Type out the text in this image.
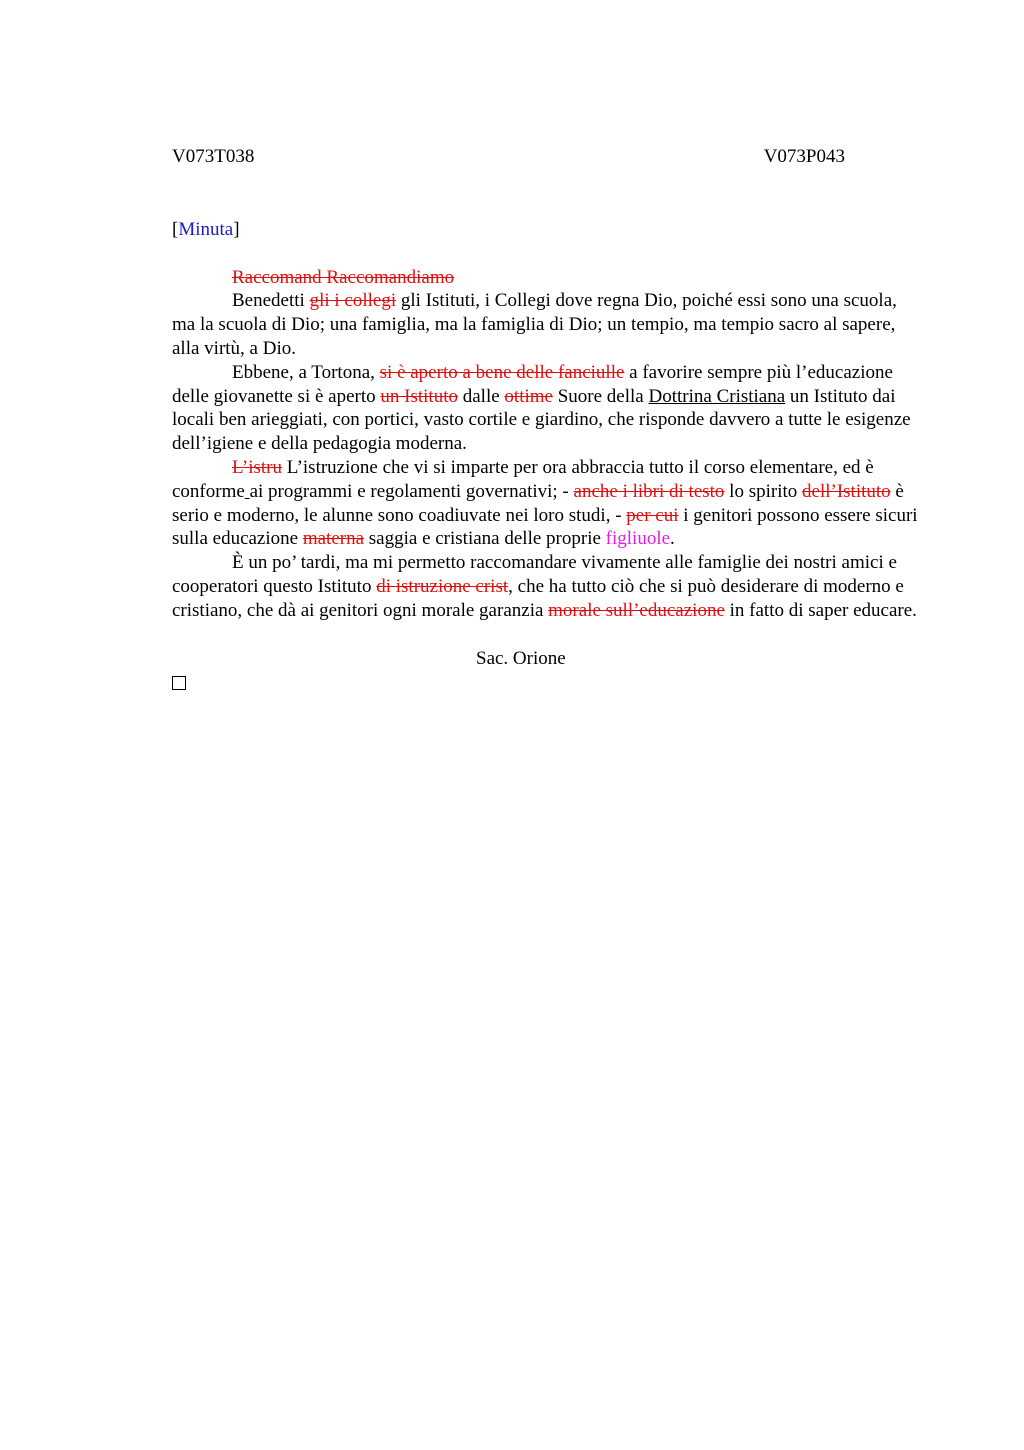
V073T038	V073P043
[Minuta]

Raccomand Raccomandiamo

Benedetti gli i collegi gli Istituti, i Collegi dove regna Dio, poiché essi sono una scuola, ma la scuola di Dio; una famiglia, ma la famiglia di Dio; un tempio, ma tempio sacro al sapere, alla virtù, a Dio.

Ebbene, a Tortona, si è aperto a bene delle fanciulle a favorire sempre più l’educazione delle giovanette si è aperto un Istituto dalle ottime Suore della Dottrina Cristiana un Istituto dai locali ben arieggiati, con portici, vasto cortile e giardino, che risponde davvero a tutte le esigenze dell’igiene e della pedagogia moderna.

L’istru L’istruzione che vi si imparte per ora abbraccia tutto il corso elementare, ed è conforme ai programmi e regolamenti governativi; - anche i libri di testo lo spirito dell’Istituto è serio e moderno, le alunne sono coadiuvate nei loro studi, - per cui i genitori possono essere sicuri sulla educazione materna saggia e cristiana delle proprie figliuole.

È un po’ tardi, ma mi permetto raccomandare vivamente alle famiglie dei nostri amici e cooperatori questo Istituto di istruzione crist, che ha tutto ciò che si può desiderare di moderno e cristiano, che dà ai genitori ogni morale garanzia morale sull’educazione in fatto di saper educare.

Sac. Orione
